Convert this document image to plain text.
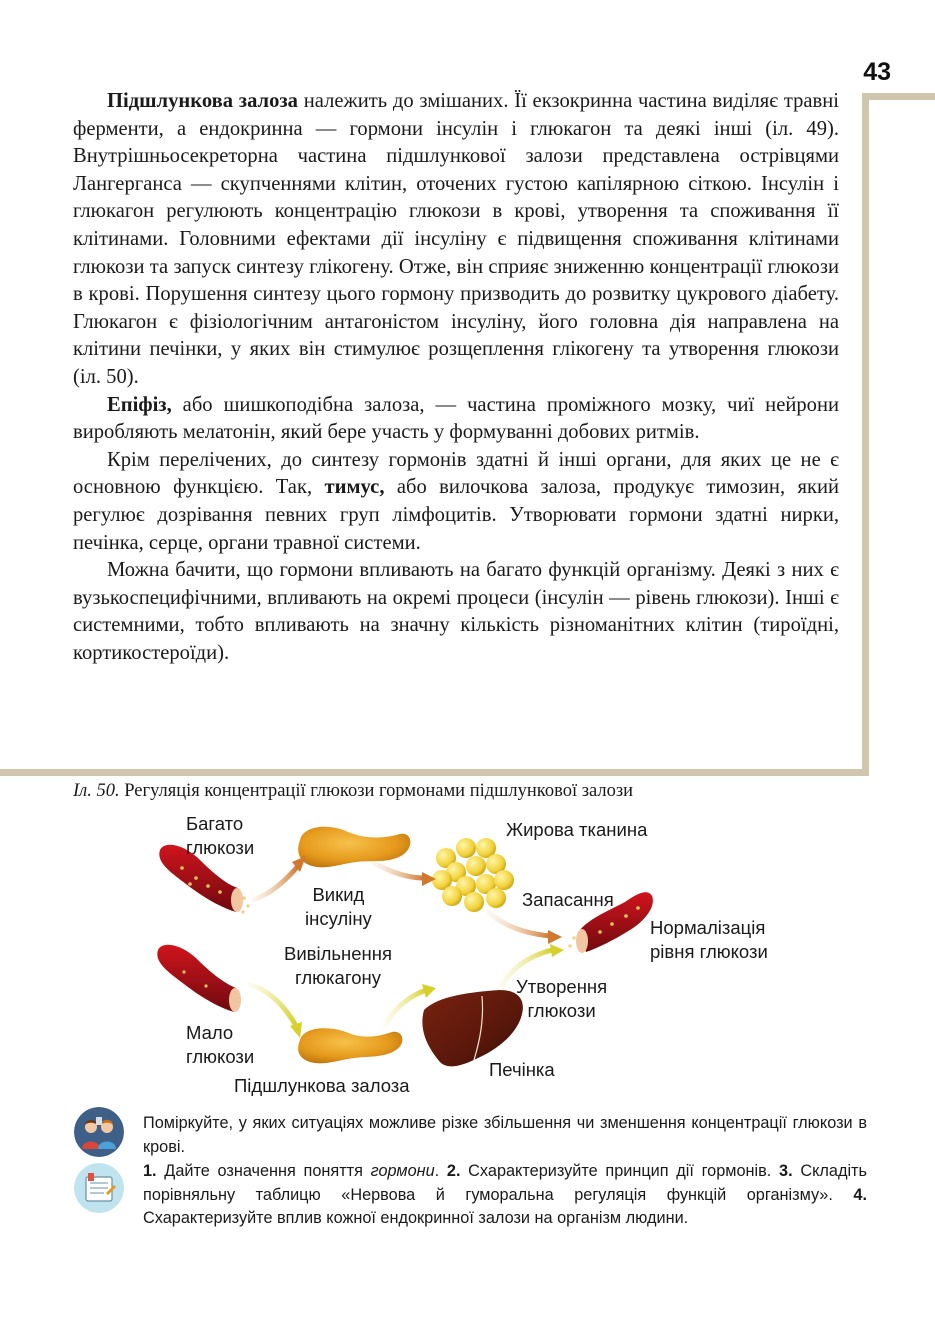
43

Підшлункова залоза належить до змішаних. Її екзокринна частина виділяє травні ферменти, а ендокринна — гормони інсулін і глюкагон та деякі інші (іл. 49). Внутрішньосекреторна частина підшлункової залози представлена острівцями Лангерганса — скупченнями клітин, оточених густою капілярною сіткою. Інсулін і глюкагон регулюють концентрацію глюкози в крові, утворення та споживання її клітинами. Головними ефектами дії інсуліну є підвищення споживання клітинами глюкози та запуск синтезу глікогену. Отже, він сприяє зниженню концентрації глюкози в крові. Порушення синтезу цього гормону призводить до розвитку цукрового діабету. Глюкагон є фізіологічним антагоністом інсуліну, його головна дія направлена на клітини печінки, у яких він стимулює розщеплення глікогену та утворення глюкози (іл. 50).

Епіфіз, або шишкоподібна залоза, — частина проміжного мозку, чиї нейрони виробляють мелатонін, який бере участь у формуванні добових ритмів.

Крім перелічених, до синтезу гормонів здатні й інші органи, для яких це не є основною функцією. Так, тимус, або вилочкова залоза, продукує тимозин, який регулює дозрівання певних груп лімфоцитів. Утворювати гормони здатні нирки, печінка, серце, органи травної системи.

Можна бачити, що гормони впливають на багато функцій організму. Деякі з них є вузькоспецифічними, впливають на окремі процеси (інсулін — рівень глюкози). Інші є системними, тобто впливають на значну кількість різноманітних клітин (тироїдні, кортикостероїди).

Іл. 50. Регуляція концентрації глюкози гормонами підшлункової залози
Багато
глюкози
Викид
інсуліну
Жирова тканина
Запасання
Нормалізація
рівня глюкози
Вивільнення
глюкагону	Утворення
глюкози
Мало
глюкози
Підшлункова залоза
Печінка

Поміркуйте, у яких ситуаціях можливе різке збільшення чи зменшення концентрації глюкози в крові.

1. Дайте означення поняття гормони. 2. Схарактеризуйте принцип дії гормонів. 3. Складіть порівняльну таблицю «Нервова й гуморальна регуляція функцій організму». 4. Схарактеризуйте вплив кожної ендокринної залози на організм людини.
